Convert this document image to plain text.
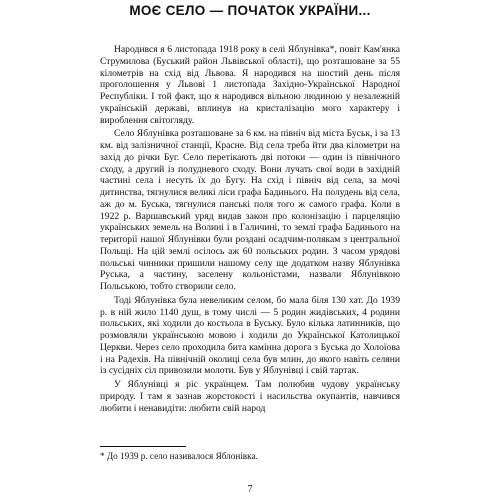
МОЄ СЕЛО — ПОЧАТОК УКРАЇНИ...

Народився я 6 листопада 1918 року в селі Яблунівка*, повіт Кам'янка Струмилова (Буський район Львівської області), що розташоване за 55 кілометрів на схід від Львова. Я народився на шостий день після проголошення у Львові 1 листопада Західно-Української Народної Республіки. І той факт, що я народився вільною людиною у незалежній українській державі, вплинув на кристалізацію мого характеру і вироблення світогляду.

Село Яблунівка розташоване за 6 км. на північ від міста Буськ, і за 13 км. від залізничної станції, Красне. Від села треба йти два кілометри на захід до річки Буг. Село перетікають дві потоки — один із північного сходу, а другий із полудневого сходу. Вони лучать свої води в західній частині села і несуть їх до Бугу. На схід і північ від села, за мочі дитинства, тягнулися великі ліси графа Бадинього. На полудень від села, аж до м. Буська, тягнулися панські поля того ж самого графа. Коли в 1922 р. Варшавський уряд видав закон про колонізацію і парцеляцію українських земель на Волині і в Галичині, то землі графа Бадинього на території нашої Яблунівки були роздані осадчим-полякам з центральної Польщі. На цій землі осілось аж 60 польських родин. З часом урядові польські чинники пришили нашому селу ще додатком назву Яблунівка Руська, а частину, заселену кольоністами, назвали Яблунівкою Польською, тобто створили село.

Тоді Яблунівка була невеликим селом, бо мала біля 130 хат. До 1939 р. в ній жило 1140 душ, в тому числі — 5 родин жидівських, 4 родини польських, які ходили до костьола в Буську. Було кілька латинників, що розмовляли українською мовою і ходили до Української Католицької Церкви. Через село проходила бита камінна дорога з Буська до Холоїова і на Радехів. На північній околиці села був млин, до якого навіть селяни із сусідніх сіл привозили молоти. Був у Яблунівці і свій тартак.

У Яблунівці я ріс українцем. Там полюбив чудову українську природу. І там я зазнав жорстокості і насильства окупантів, навчився любити і ненавидіти: любити свій народ

* До 1939 р. село називалося Яблонівка.
7
